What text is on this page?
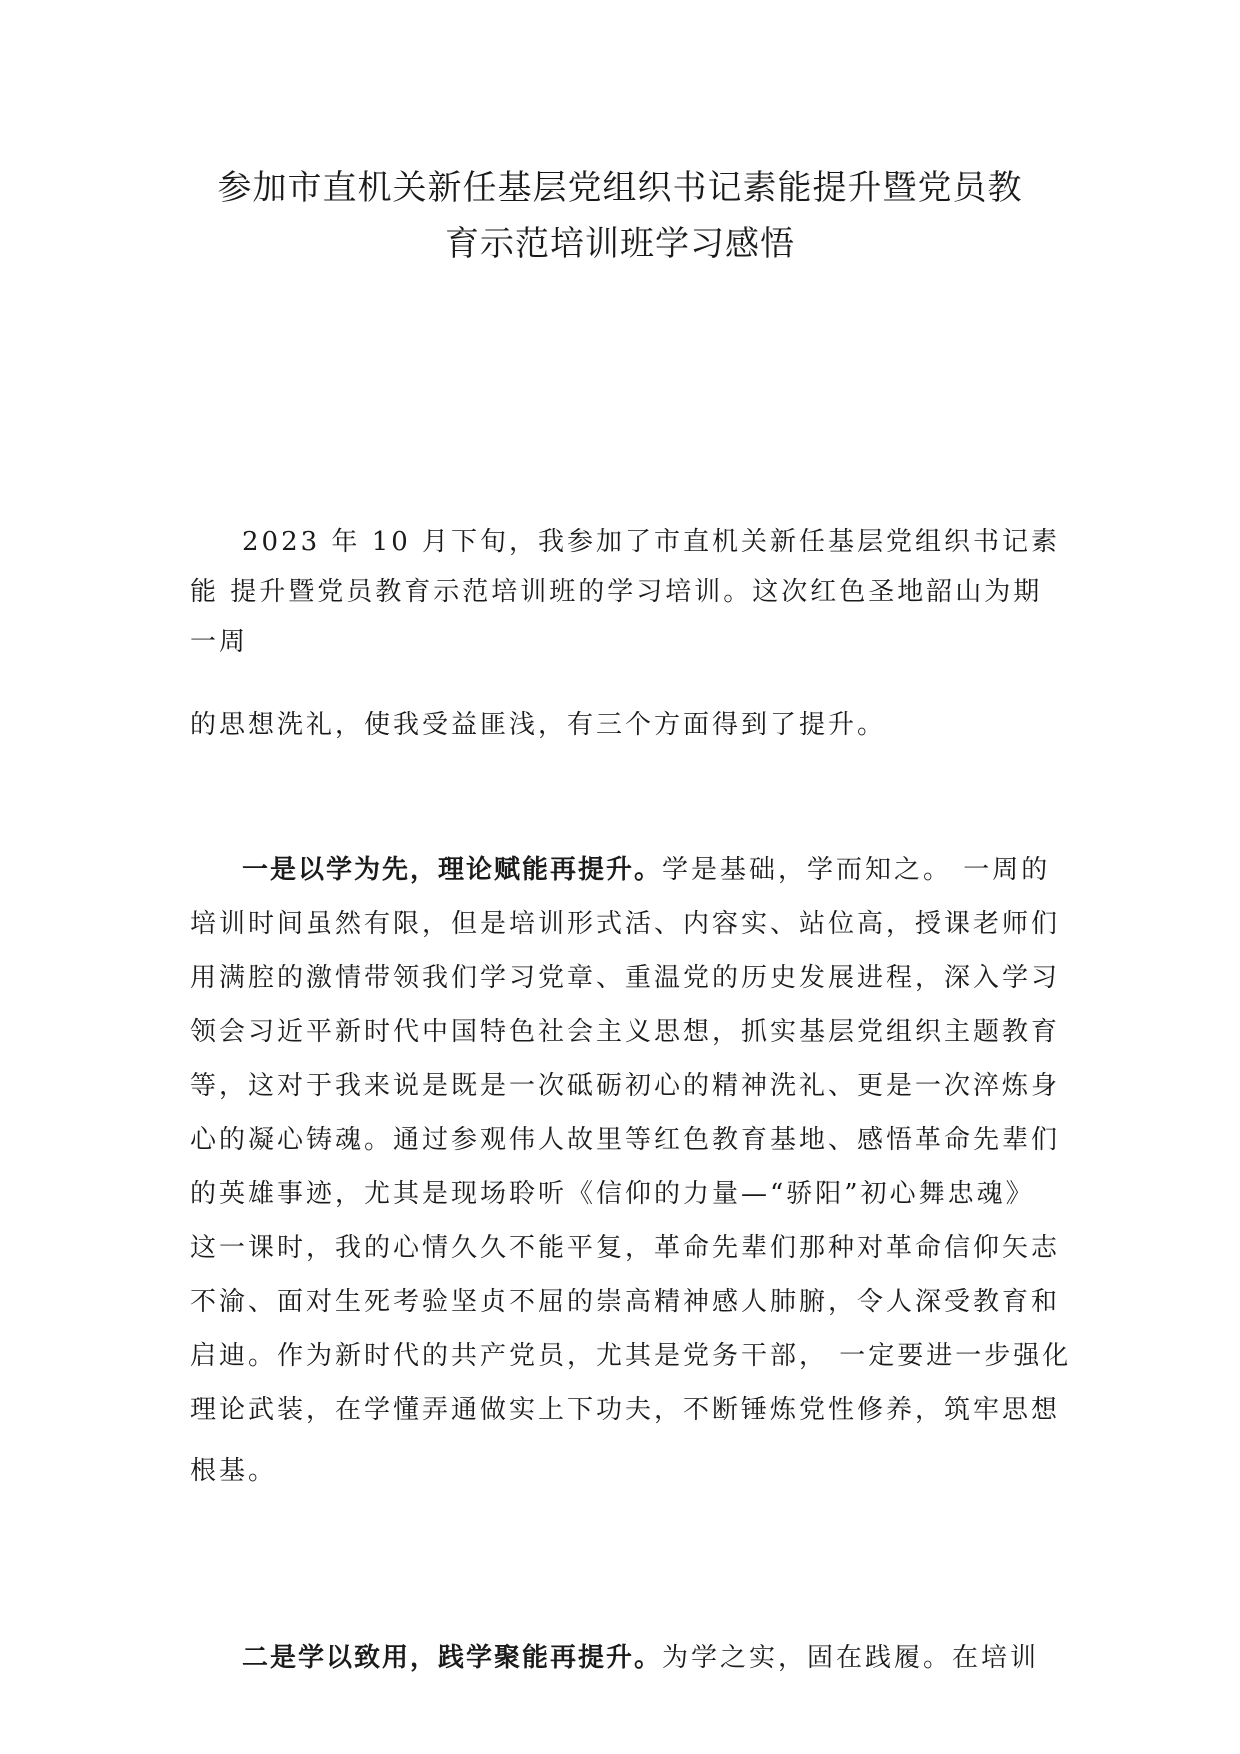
参加市直机关新任基层党组织书记素能提升暨党员教
育示范培训班学习感悟

2023 年 10 月下旬，我参加了市直机关新任基层党组织书记素

能 提升暨党员教育示范培训班的学习培训。这次红色圣地韶山为期

一周

的思想洗礼，使我受益匪浅，有三个方面得到了提升。

一是以学为先，理论赋能再提升。学是基础，学而知之。 一周的

培训时间虽然有限，但是培训形式活、内容实、站位高，授课老师们

用满腔的激情带领我们学习党章、重温党的历史发展进程，深入学习

领会习近平新时代中国特色社会主义思想，抓实基层党组织主题教育

等，这对于我来说是既是一次砥砺初心的精神洗礼、更是一次淬炼身

心的凝心铸魂。通过参观伟人故里等红色教育基地、感悟革命先辈们

的英雄事迹，尤其是现场聆听《信仰的力量—“骄阳”初心舞忠魂》

这一课时，我的心情久久不能平复，革命先辈们那种对革命信仰矢志

不渝、面对生死考验坚贞不屈的崇高精神感人肺腑，令人深受教育和

启迪。作为新时代的共产党员，尤其是党务干部， 一定要进一步强化

理论武装，在学懂弄通做实上下功夫，不断锤炼党性修养，筑牢思想

根基。

二是学以致用，践学聚能再提升。为学之实，固在践履。在培训
